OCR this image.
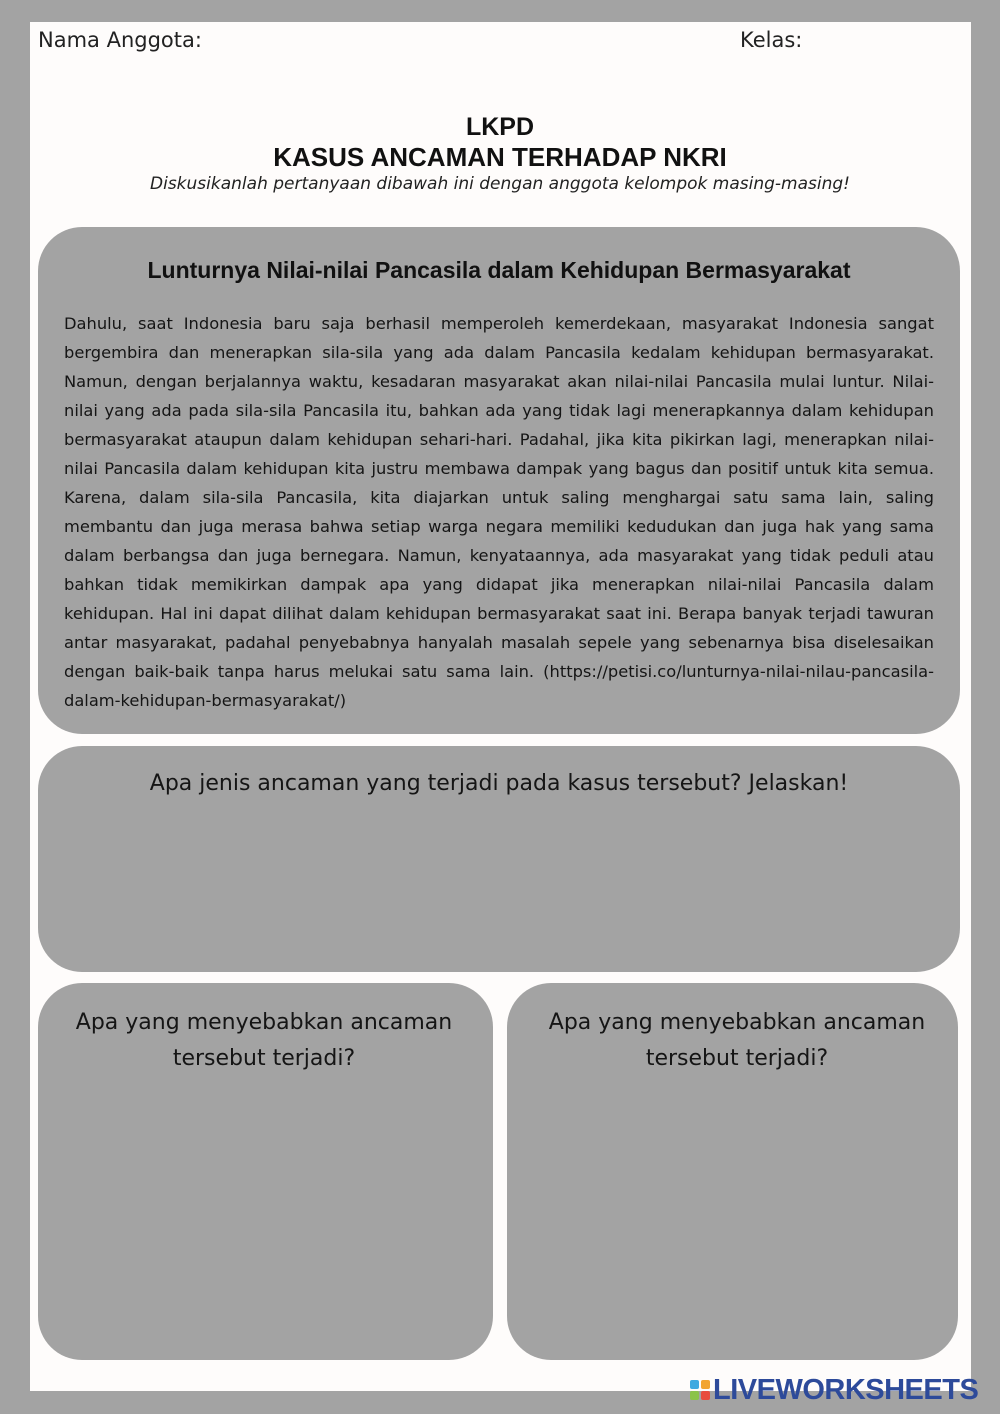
Nama Anggota:	Kelas:
LKPD
KASUS ANCAMAN TERHADAP NKRI
Diskusikanlah pertanyaan dibawah ini dengan anggota kelompok masing-masing!
Lunturnya Nilai-nilai Pancasila dalam Kehidupan Bermasyarakat
Dahulu, saat Indonesia baru saja berhasil memperoleh kemerdekaan, masyarakat Indonesia sangat bergembira dan menerapkan sila-sila yang ada dalam Pancasila kedalam kehidupan bermasyarakat. Namun, dengan berjalannya waktu, kesadaran masyarakat akan nilai-nilai Pancasila mulai luntur. Nilai-nilai yang ada pada sila-sila Pancasila itu, bahkan ada yang tidak lagi menerapkannya dalam kehidupan bermasyarakat ataupun dalam kehidupan sehari-hari. Padahal, jika kita pikirkan lagi, menerapkan nilai-nilai Pancasila dalam kehidupan kita justru membawa dampak yang bagus dan positif untuk kita semua. Karena, dalam sila-sila Pancasila, kita diajarkan untuk saling menghargai satu sama lain, saling membantu dan juga merasa bahwa setiap warga negara memiliki kedudukan dan juga hak yang sama dalam berbangsa dan juga bernegara. Namun, kenyataannya, ada masyarakat yang tidak peduli atau bahkan tidak memikirkan dampak apa yang didapat jika menerapkan nilai-nilai Pancasila dalam kehidupan. Hal ini dapat dilihat dalam kehidupan bermasyarakat saat ini. Berapa banyak terjadi tawuran antar masyarakat, padahal penyebabnya hanyalah masalah sepele yang sebenarnya bisa diselesaikan dengan baik-baik tanpa harus melukai satu sama lain. (https://petisi.co/lunturnya-nilai-nilau-pancasila-dalam-kehidupan-bermasyarakat/)
Apa jenis ancaman yang terjadi pada kasus tersebut? Jelaskan!
Apa yang menyebabkan ancaman tersebut terjadi?
Apa yang menyebabkan ancaman tersebut terjadi?
LIVEWORKSHEETS
